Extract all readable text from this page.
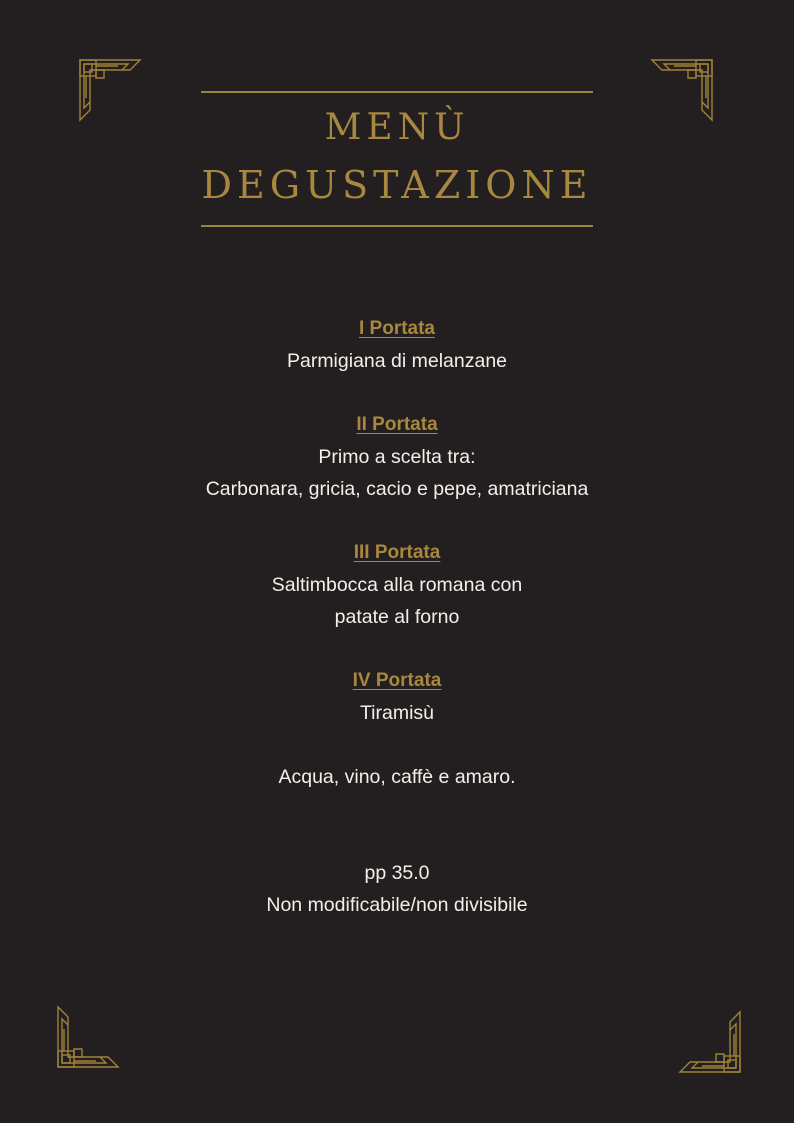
MENÙ
DEGUSTAZIONE
I Portata
Parmigiana di melanzane
II Portata
Primo a scelta tra:
Carbonara, gricia, cacio e pepe, amatriciana
III Portata
Saltimbocca alla romana con
patate al forno
IV Portata
Tiramisù
Acqua, vino, caffè e amaro.
pp 35.0
Non modificabile/non divisibile
